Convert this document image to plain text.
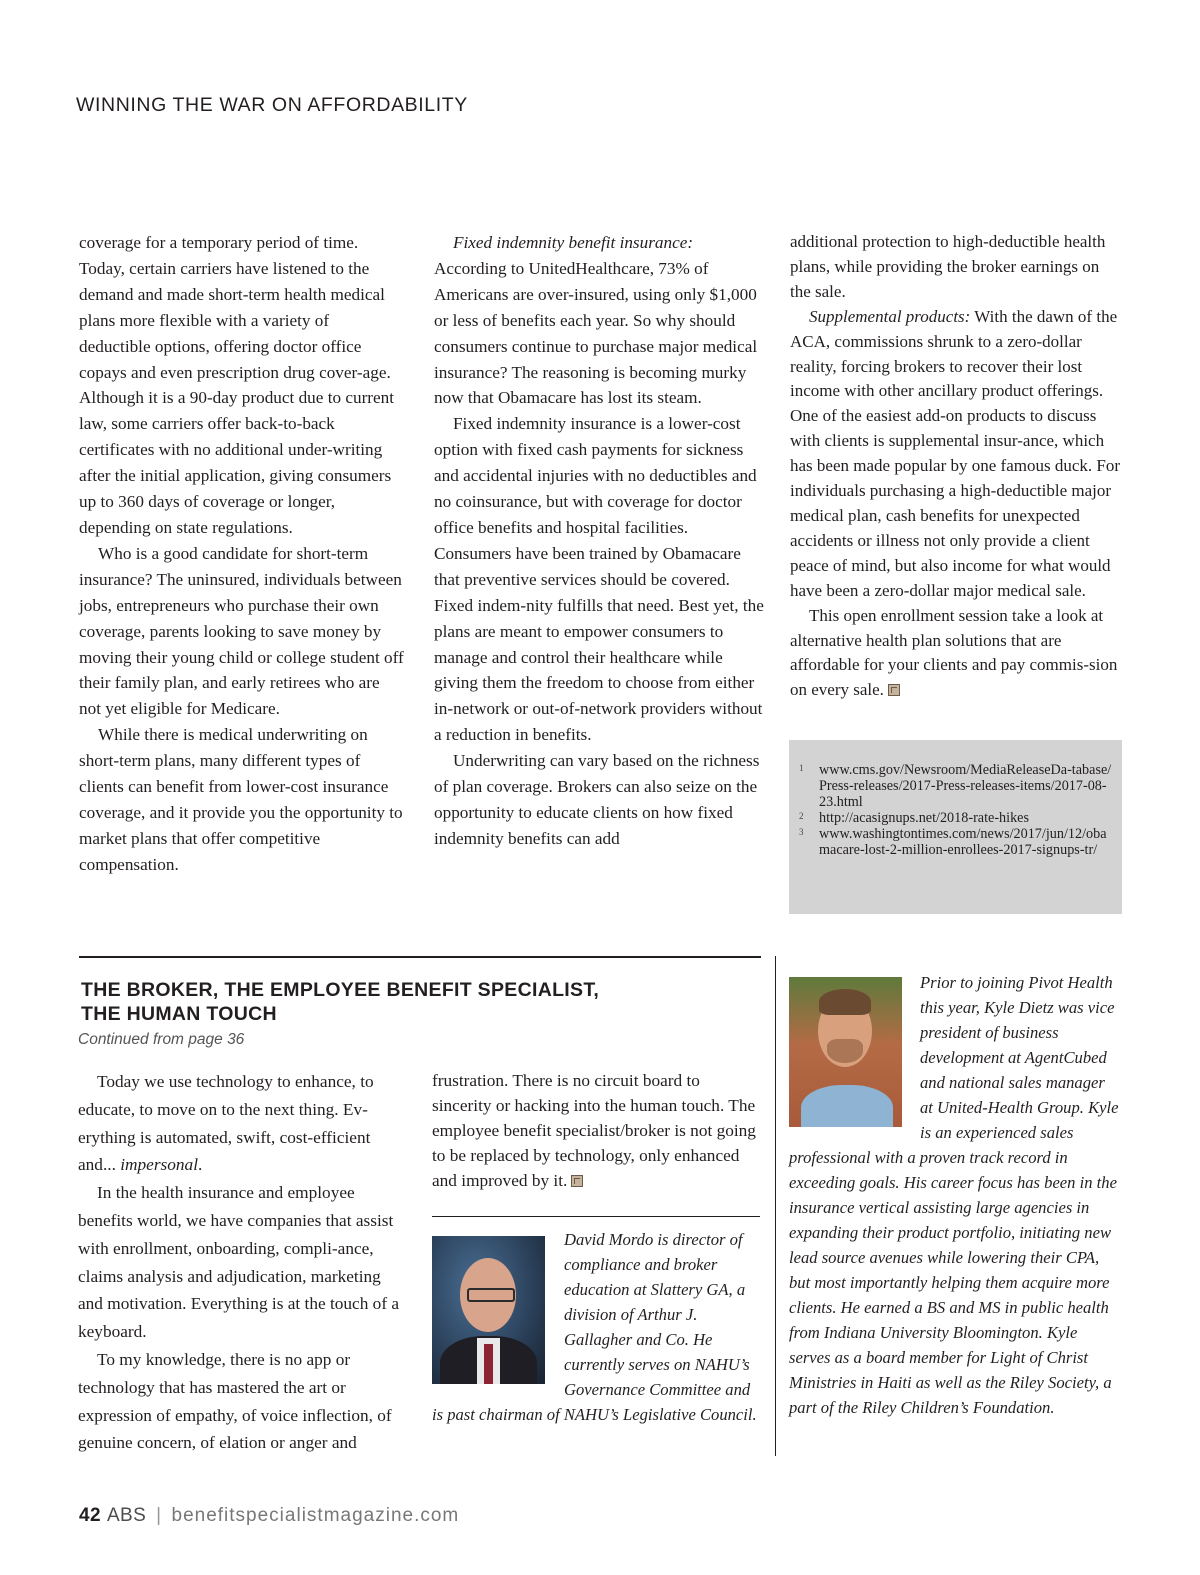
WINNING THE WAR ON AFFORDABILITY

coverage for a temporary period of time. Today, certain carriers have listened to the demand and made short-term health medical plans more flexible with a variety of deductible options, offering doctor office copays and even prescription drug cover-age. Although it is a 90-day product due to current law, some carriers offer back-to-back certificates with no additional under-writing after the initial application, giving consumers up to 360 days of coverage or longer, depending on state regulations.

Who is a good candidate for short-term insurance? The uninsured, individuals between jobs, entrepreneurs who purchase their own coverage, parents looking to save money by moving their young child or college student off their family plan, and early retirees who are not yet eligible for Medicare.

While there is medical underwriting on short-term plans, many different types of clients can benefit from lower-cost insurance coverage, and it provide you the opportunity to market plans that offer competitive compensation.

Fixed indemnity benefit insurance: According to UnitedHealthcare, 73% of Americans are over-insured, using only $1,000 or less of benefits each year. So why should consumers continue to purchase major medical insurance? The reasoning is becoming murky now that Obamacare has lost its steam.

Fixed indemnity insurance is a lower-cost option with fixed cash payments for sickness and accidental injuries with no deductibles and no coinsurance, but with coverage for doctor office benefits and hospital facilities. Consumers have been trained by Obamacare that preventive services should be covered. Fixed indem-nity fulfills that need. Best yet, the plans are meant to empower consumers to manage and control their healthcare while giving them the freedom to choose from either in-network or out-of-network providers without a reduction in benefits.

Underwriting can vary based on the richness of plan coverage. Brokers can also seize on the opportunity to educate clients on how fixed indemnity benefits can add

additional protection to high-deductible health plans, while providing the broker earnings on the sale.

Supplemental products: With the dawn of the ACA, commissions shrunk to a zero-dollar reality, forcing brokers to recover their lost income with other ancillary product offerings. One of the easiest add-on products to discuss with clients is supplemental insur-ance, which has been made popular by one famous duck. For individuals purchasing a high-deductible major medical plan, cash benefits for unexpected accidents or illness not only provide a client peace of mind, but also income for what would have been a zero-dollar major medical sale.

This open enrollment session take a look at alternative health plan solutions that are affordable for your clients and pay commis-sion on every sale.

1	www.cms.gov/Newsroom/MediaReleaseDa-tabase/Press-releases/2017-Press-releases-items/2017-08-23.html
2	http://acasignups.net/2018-rate-hikes
3	www.washingtontimes.com/news/2017/jun/12/obamacare-lost-2-million-enrollees-2017-signups-tr/
THE BROKER, THE EMPLOYEE BENEFIT SPECIALIST,
THE HUMAN TOUCH
Continued from page 36

Today we use technology to enhance, to educate, to move on to the next thing. Ev-erything is automated, swift, cost-efficient and... impersonal.

In the health insurance and employee benefits world, we have companies that assist with enrollment, onboarding, compli-ance, claims analysis and adjudication, marketing and motivation. Everything is at the touch of a keyboard.

To my knowledge, there is no app or technology that has mastered the art or expression of empathy, of voice inflection, of genuine concern, of elation or anger and

frustration. There is no circuit board to sincerity or hacking into the human touch. The employee benefit specialist/broker is not going to be replaced by technology, only enhanced and improved by it.

David Mordo is director of compliance and broker education at Slattery GA, a division of Arthur J. Gallagher and Co. He currently serves on NAHU’s Governance Committee and is past chairman of NAHU’s Legislative Council.
Prior to joining Pivot Health this year, Kyle Dietz was vice president of business development at AgentCubed and national sales manager at United-Health Group. Kyle is an experienced sales professional with a proven track record in exceeding goals. His career focus has been in the insurance vertical assisting large agencies in expanding their product portfolio, initiating new lead source avenues while lowering their CPA, but most importantly helping them acquire more clients. He earned a BS and MS in public health from Indiana University Bloomington. Kyle serves as a board member for Light of Christ Ministries in Haiti as well as the Riley Society, a part of the Riley Children’s Foundation.
42 ABS | benefitspecialistmagazine.com
